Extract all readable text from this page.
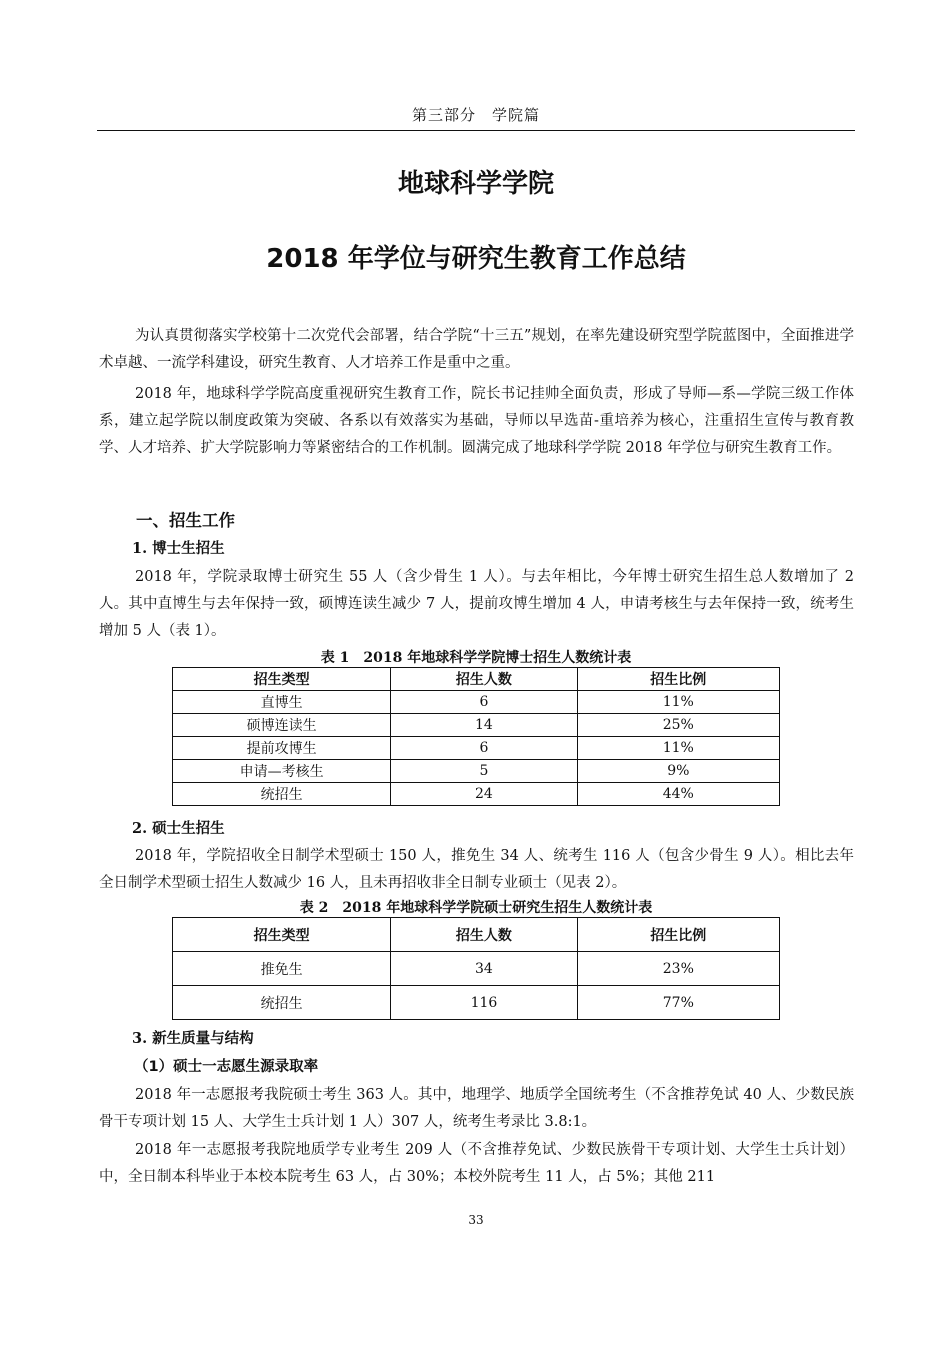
第三部分　学院篇
地球科学学院
2018 年学位与研究生教育工作总结

为认真贯彻落实学校第十二次党代会部署，结合学院“十三五”规划，在率先建设研究型学院蓝图中，全面推进学术卓越、一流学科建设，研究生教育、人才培养工作是重中之重。

2018 年，地球科学学院高度重视研究生教育工作，院长书记挂帅全面负责，形成了导师—系—学院三级工作体系，建立起学院以制度政策为突破、各系以有效落实为基础，导师以早选苗-重培养为核心，注重招生宣传与教育教学、人才培养、扩大学院影响力等紧密结合的工作机制。圆满完成了地球科学学院 2018 年学位与研究生教育工作。

一、招生工作
1. 博士生招生

2018 年，学院录取博士研究生 55 人（含少骨生 1 人）。与去年相比，今年博士研究生招生总人数增加了 2 人。其中直博生与去年保持一致，硕博连读生减少 7 人，提前攻博生增加 4 人，申请考核生与去年保持一致，统考生增加 5 人（表 1）。

表 1　2018 年地球科学学院博士招生人数统计表
招生类型	招生人数	招生比例
直博生	6	11%
硕博连读生	14	25%
提前攻博生	6	11%
申请—考核生	5	9%
统招生	24	44%
2. 硕士生招生

2018 年，学院招收全日制学术型硕士 150 人，推免生 34 人、统考生 116 人（包含少骨生 9 人）。相比去年全日制学术型硕士招生人数减少 16 人，且未再招收非全日制专业硕士（见表 2）。

表 2　2018 年地球科学学院硕士研究生招生人数统计表
招生类型	招生人数	招生比例
推免生	34	23%
统招生	116	77%
3. 新生质量与结构
（1）硕士一志愿生源录取率

2018 年一志愿报考我院硕士考生 363 人。其中，地理学、地质学全国统考生（不含推荐免试 40 人、少数民族骨干专项计划 15 人、大学生士兵计划 1 人）307 人，统考生考录比 3.8:1。

2018 年一志愿报考我院地质学专业考生 209 人（不含推荐免试、少数民族骨干专项计划、大学生士兵计划）中，全日制本科毕业于本校本院考生 63 人，占 30%；本校外院考生 11 人，占 5%；其他 211

33
